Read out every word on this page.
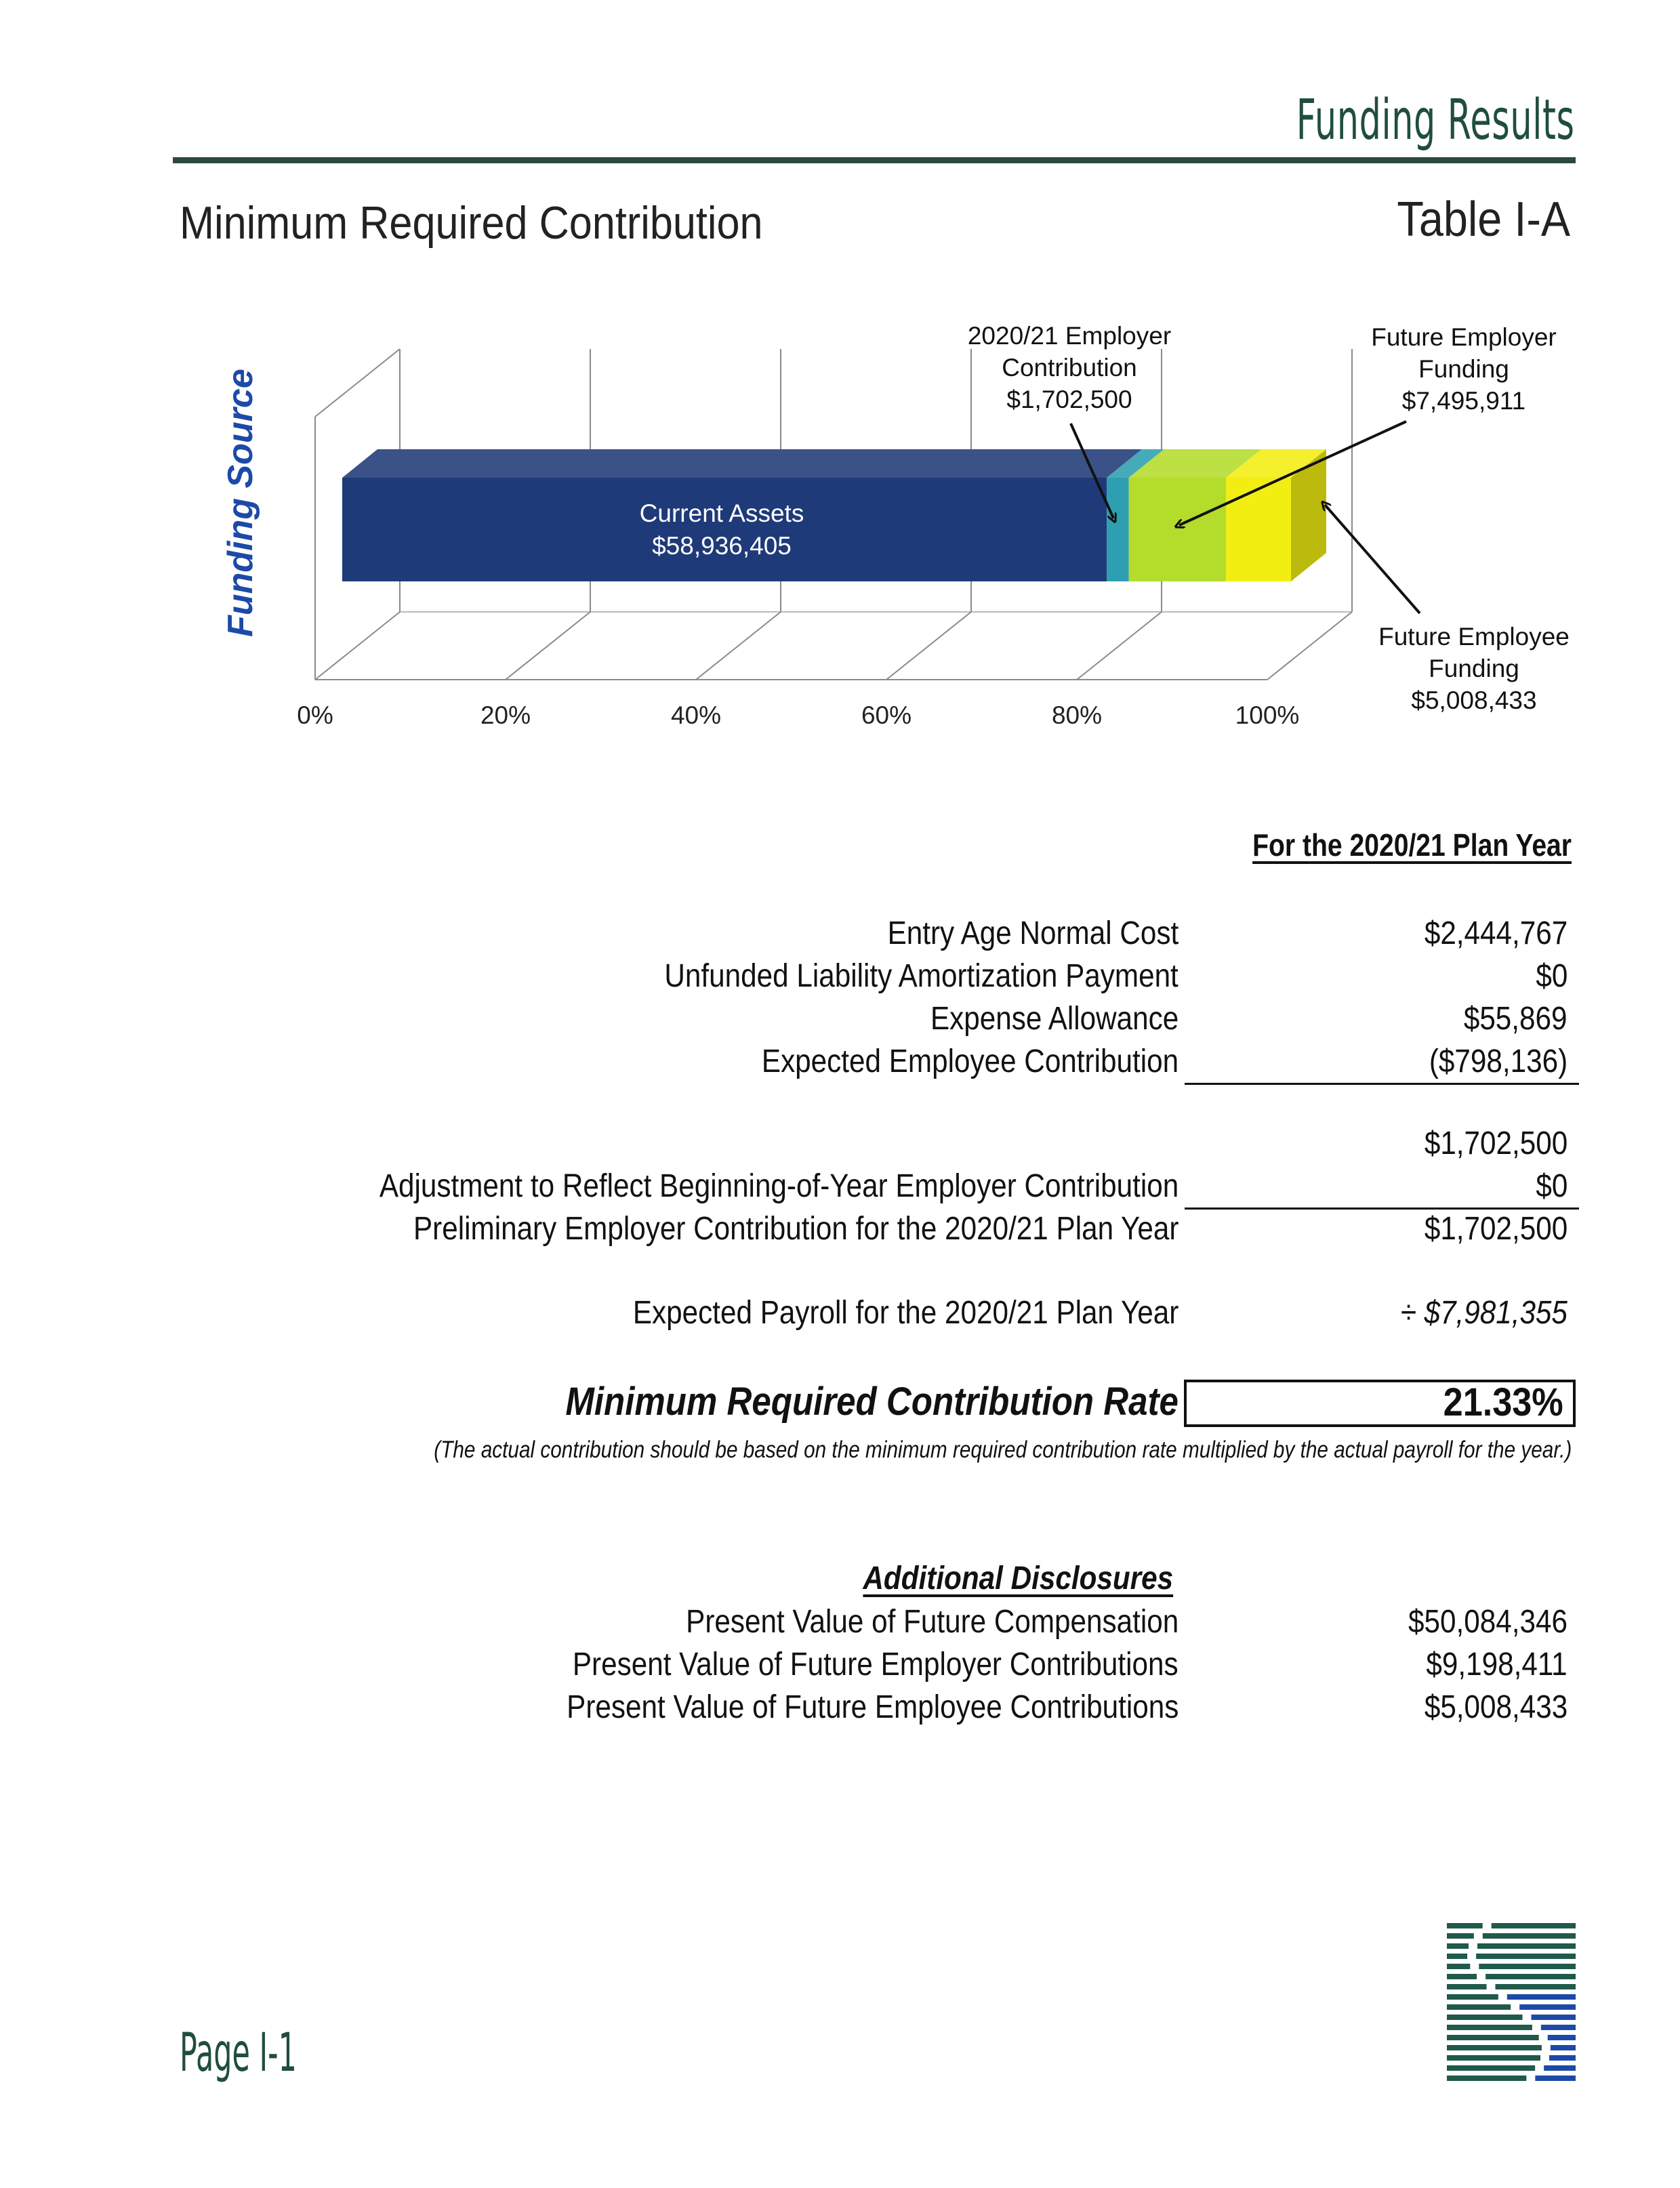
Funding Results
Minimum Required Contribution	Table I-A
0%	20%	40%	60%	80%	100%
Funding Source	Current Assets
$58,936,405
2020/21 Employer
Contribution
$1,702,500
Future Employer
Funding
$7,495,911
Future Employee
Funding
$5,008,433
For the 2020/21 Plan Year
Entry Age Normal Cost	$2,444,767
Unfunded Liability Amortization Payment	$0
Expense Allowance	$55,869
Expected Employee Contribution	($798,136)
$1,702,500
Adjustment to Reflect Beginning-of-Year Employer Contribution	$0
Preliminary Employer Contribution for the 2020/21 Plan Year	$1,702,500
Expected Payroll for the 2020/21 Plan Year	÷ $7,981,355
Minimum Required Contribution Rate	21.33%
(The actual contribution should be based on the minimum required contribution rate multiplied by the actual payroll for the year.)
Additional Disclosures
Present Value of Future Compensation	$50,084,346
Present Value of Future Employer Contributions	$9,198,411
Present Value of Future Employee Contributions	$5,008,433
Page I-1
